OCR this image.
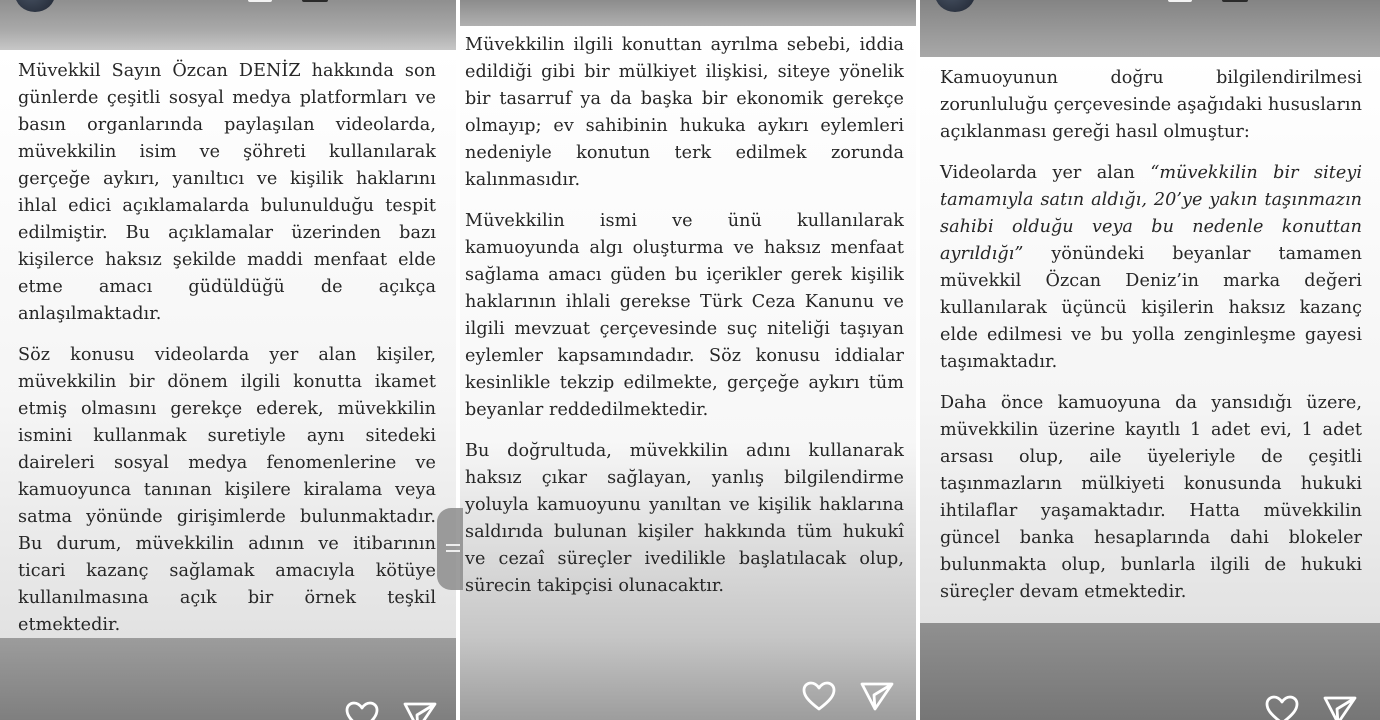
Müvekkil Sayın Özcan DENİZ hakkında son günlerde çeşitli sosyal medya platformları ve basın organlarında paylaşılan videolarda, müvekkilin isim ve şöhreti kullanılarak gerçeğe aykırı, yanıltıcı ve kişilik haklarını ihlal edici açıklamalarda bulunulduğu tespit edilmiştir. Bu açıklamalar üzerinden bazı kişilerce haksız şekilde maddi menfaat elde etme amacı güdüldüğü de açıkça anlaşılmaktadır.

Söz konusu videolarda yer alan kişiler, müvekkilin bir dönem ilgili konutta ikamet etmiş olmasını gerekçe ederek, müvekkilin ismini kullanmak suretiyle aynı sitedeki daireleri sosyal medya fenomenlerine ve kamuoyunca tanınan kişilere kiralama veya satma yönünde girişimlerde bulunmaktadır. Bu durum, müvekkilin adının ve itibarının ticari kazanç sağlamak amacıyla kötüye kullanılmasına açık bir örnek teşkil etmektedir.

Müvekkilin ilgili konuttan ayrılma sebebi, iddia edildiği gibi bir mülkiyet ilişkisi, siteye yönelik bir tasarruf ya da başka bir ekonomik gerekçe olmayıp; ev sahibinin hukuka aykırı eylemleri nedeniyle konutun terk edilmek zorunda kalınmasıdır.

Müvekkilin ismi ve ünü kullanılarak kamuoyunda algı oluşturma ve haksız menfaat sağlama amacı güden bu içerikler gerek kişilik haklarının ihlali gerekse Türk Ceza Kanunu ve ilgili mevzuat çerçevesinde suç niteliği taşıyan eylemler kapsamındadır. Söz konusu iddialar kesinlikle tekzip edilmekte, gerçeğe aykırı tüm beyanlar reddedilmektedir.

Bu doğrultuda, müvekkilin adını kullanarak haksız çıkar sağlayan, yanlış bilgilendirme yoluyla kamuoyunu yanıltan ve kişilik haklarına saldırıda bulunan kişiler hakkında tüm hukukî ve cezaî süreçler ivedilikle başlatılacak olup, sürecin takipçisi olunacaktır.

Kamuoyunun doğru bilgilendirilmesi zorunluluğu çerçevesinde aşağıdaki hususların açıklanması gereği hasıl olmuştur:

Videolarda yer alan “müvekkilin bir siteyi tamamıyla satın aldığı, 20’ye yakın taşınmazın sahibi olduğu veya bu nedenle konuttan ayrıldığı” yönündeki beyanlar tamamen müvekkil Özcan Deniz’in marka değeri kullanılarak üçüncü kişilerin haksız kazanç elde edilmesi ve bu yolla zenginleşme gayesi taşımaktadır.

Daha önce kamuoyuna da yansıdığı üzere, müvekkilin üzerine kayıtlı 1 adet evi, 1 adet arsası olup, aile üyeleriyle de çeşitli taşınmazların mülkiyeti konusunda hukuki ihtilaflar yaşamaktadır. Hatta müvekkilin güncel banka hesaplarında dahi blokeler bulunmakta olup, bunlarla ilgili de hukuki süreçler devam etmektedir.
